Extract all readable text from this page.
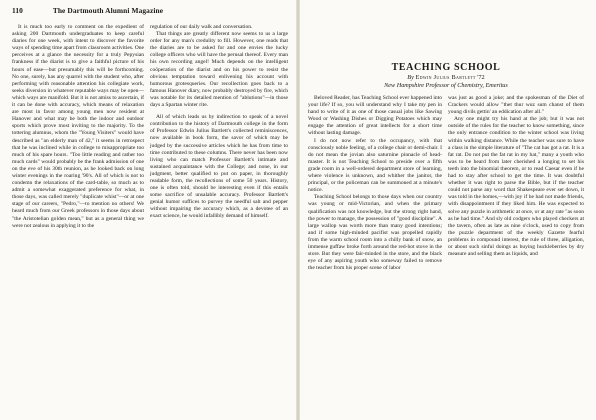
110	The Dartmouth Alumni Magazine

It is much too early to comment on the expedient of asking 200 Dartmouth undergraduates to keep careful diaries for one week, with intent to discover the favorite ways of spending time apart from classroom activities. One perceives at a glance the necessity for a truly Pepysian frankness if the diarist is to give a faithful picture of his hours of ease—but presumably this will be forthcoming. No one, surely, has any quarrel with the student who, after performing with reasonable attention his collegiate work, seeks diversion in whatever reputable ways may be open—which ways are manifold. But it is not amiss to ascertain, if it can be done with accuracy, which means of relaxation are most in favor among young men now resident at Hanover and what may be both the indoor and outdoor sports which prove most inviting to the majority. To the tottering alumnus, whom the "Young Visiters" would have described as "an elderly man of 42," it seems in retrospect that he was inclined while in college to misappropriate too much of his spare hours. "Too little reading and rather too much cards" would probably be the frank admission of one on the eve of his 30th reunion, as he looked back on long winter evenings in the roaring '90's. All of which is not to condemn the relaxations of the card-table, so much as to admit a somewhat exaggerated preference for what, in those days, was called merely "duplicate whist"—or at one stage of our careers, "Pedro,"—to mention no others! We heard much from our Greek professors in those days about "the Aristotelian golden mean," but as a general thing we were not zealous in applying it to the

regulation of our daily walk and conversation.

That things are greatly different now seems to us a large order for any man's credulity to fill. However, one reads that the diaries are to be asked for and one envies the lucky college officers who will have the perusal thereof. Every man his own recording angel! Much depends on the intelligent coöperation of the diarist and on his power to resist the obvious temptation toward enlivening his account with humorous grotesqueries. Our recollection goes back to a famous Hanover diary, now probably destroyed by fire, which was notable for its detailed mention of "ablutions"—in those days a Spartan winter rite.

All of which leads us by indirection to speak of a novel contribution to the history of Dartmouth college in the form of Professor Edwin Julius Bartlett's collected reminiscences, now available in book form, the savor of which may be judged by the successive articles which he has from time to time contributed to these columns. There never has been now living who can match Professor Bartlett's intimate and sustained acquaintance with the College; and none, in our judgment, better qualified to put on paper, in thoroughly readable form, the recollections of some 50 years. History, one is often told, should be interesting even if this entails some sacrifice of unsalable accuracy. Professor Bartlett's genial humor suffices to purvey the needful salt and pepper without impairing the accuracy which, as a devotee of an exact science, he would infallibly demand of himself.

TEACHING SCHOOL
By Edwin Julius Bartlett '72
New Hampshire Professor of Chemistry, Emeritus

Beloved Reader, has Teaching School ever happened into your life? If so, you will understand why I take my pen in hand to write of it as one of those casual jobs like Sawing Wood or Washing Dishes or Digging Potatoes which may engage the attention of great intellects for a short time without lasting damage.

I do not now refer to the occupancy, with that consciously noble feeling, of a college chair or demi-chair. I do not mean the jovian also saturnine pinnacle of head-master. It is not Teaching School to preside over a fifth grade room in a well-ordered department store of learning, where violence is unknown, and whither the janitor, the principal, or the policeman can be summoned at a minute's notice.

Teaching School belongs to those days when our country was young or mid-Victorian, and when the primary qualification was not knowledge, but the strong right hand, the power to manage, the possession of "good discipline". A large wallop was worth more than many good intentions; and if some high-minded pacifist was propelled rapidly from the warm school room into a chilly bank of snow, an immense guffaw broke forth around the red-hot stove in the store. But they were fair-minded in the store, and the black eye of any aspiring youth who someway failed to remove the teacher from his proper scene of labor

was just as good a joke; and the spokesman of the Diet of Crackers would allow "thet thur wuz sum chanst of them young divils gettin' an eddication after all."

Any one might try his hand at the job; but it was not outside of the rules for the teacher to know something, since the only entrance condition to the winter school was living within walking distance. While the teacher was sure to have a class in the simple literature of "The cat has got a rat. It is a fat rat. Do not put the fat rat in my hat," many a youth who was to be heard from later cherished a longing to set his teeth into the binomial theorem, or to read Caesar even if he had to stay after school to get the time. It was doubtful whether it was right to parse the Bible, but if the teacher could not parse any word that Shakespeare ever set down, it was told in the homes,—with joy if he had not made friends, with disappointment if they liked him. He was expected to solve any puzzle in arithmetic at once, or at any rate "as soon as he had time." And sly old codgers who played checkers at the tavern, often as late as nine o'clock, used to copy from the puzzle department of the weekly Gazette fearful problems in compound interest, the rule of three, alligation, or about such sinful doings as buying huckleberries by dry measure and selling them as liquids, and
